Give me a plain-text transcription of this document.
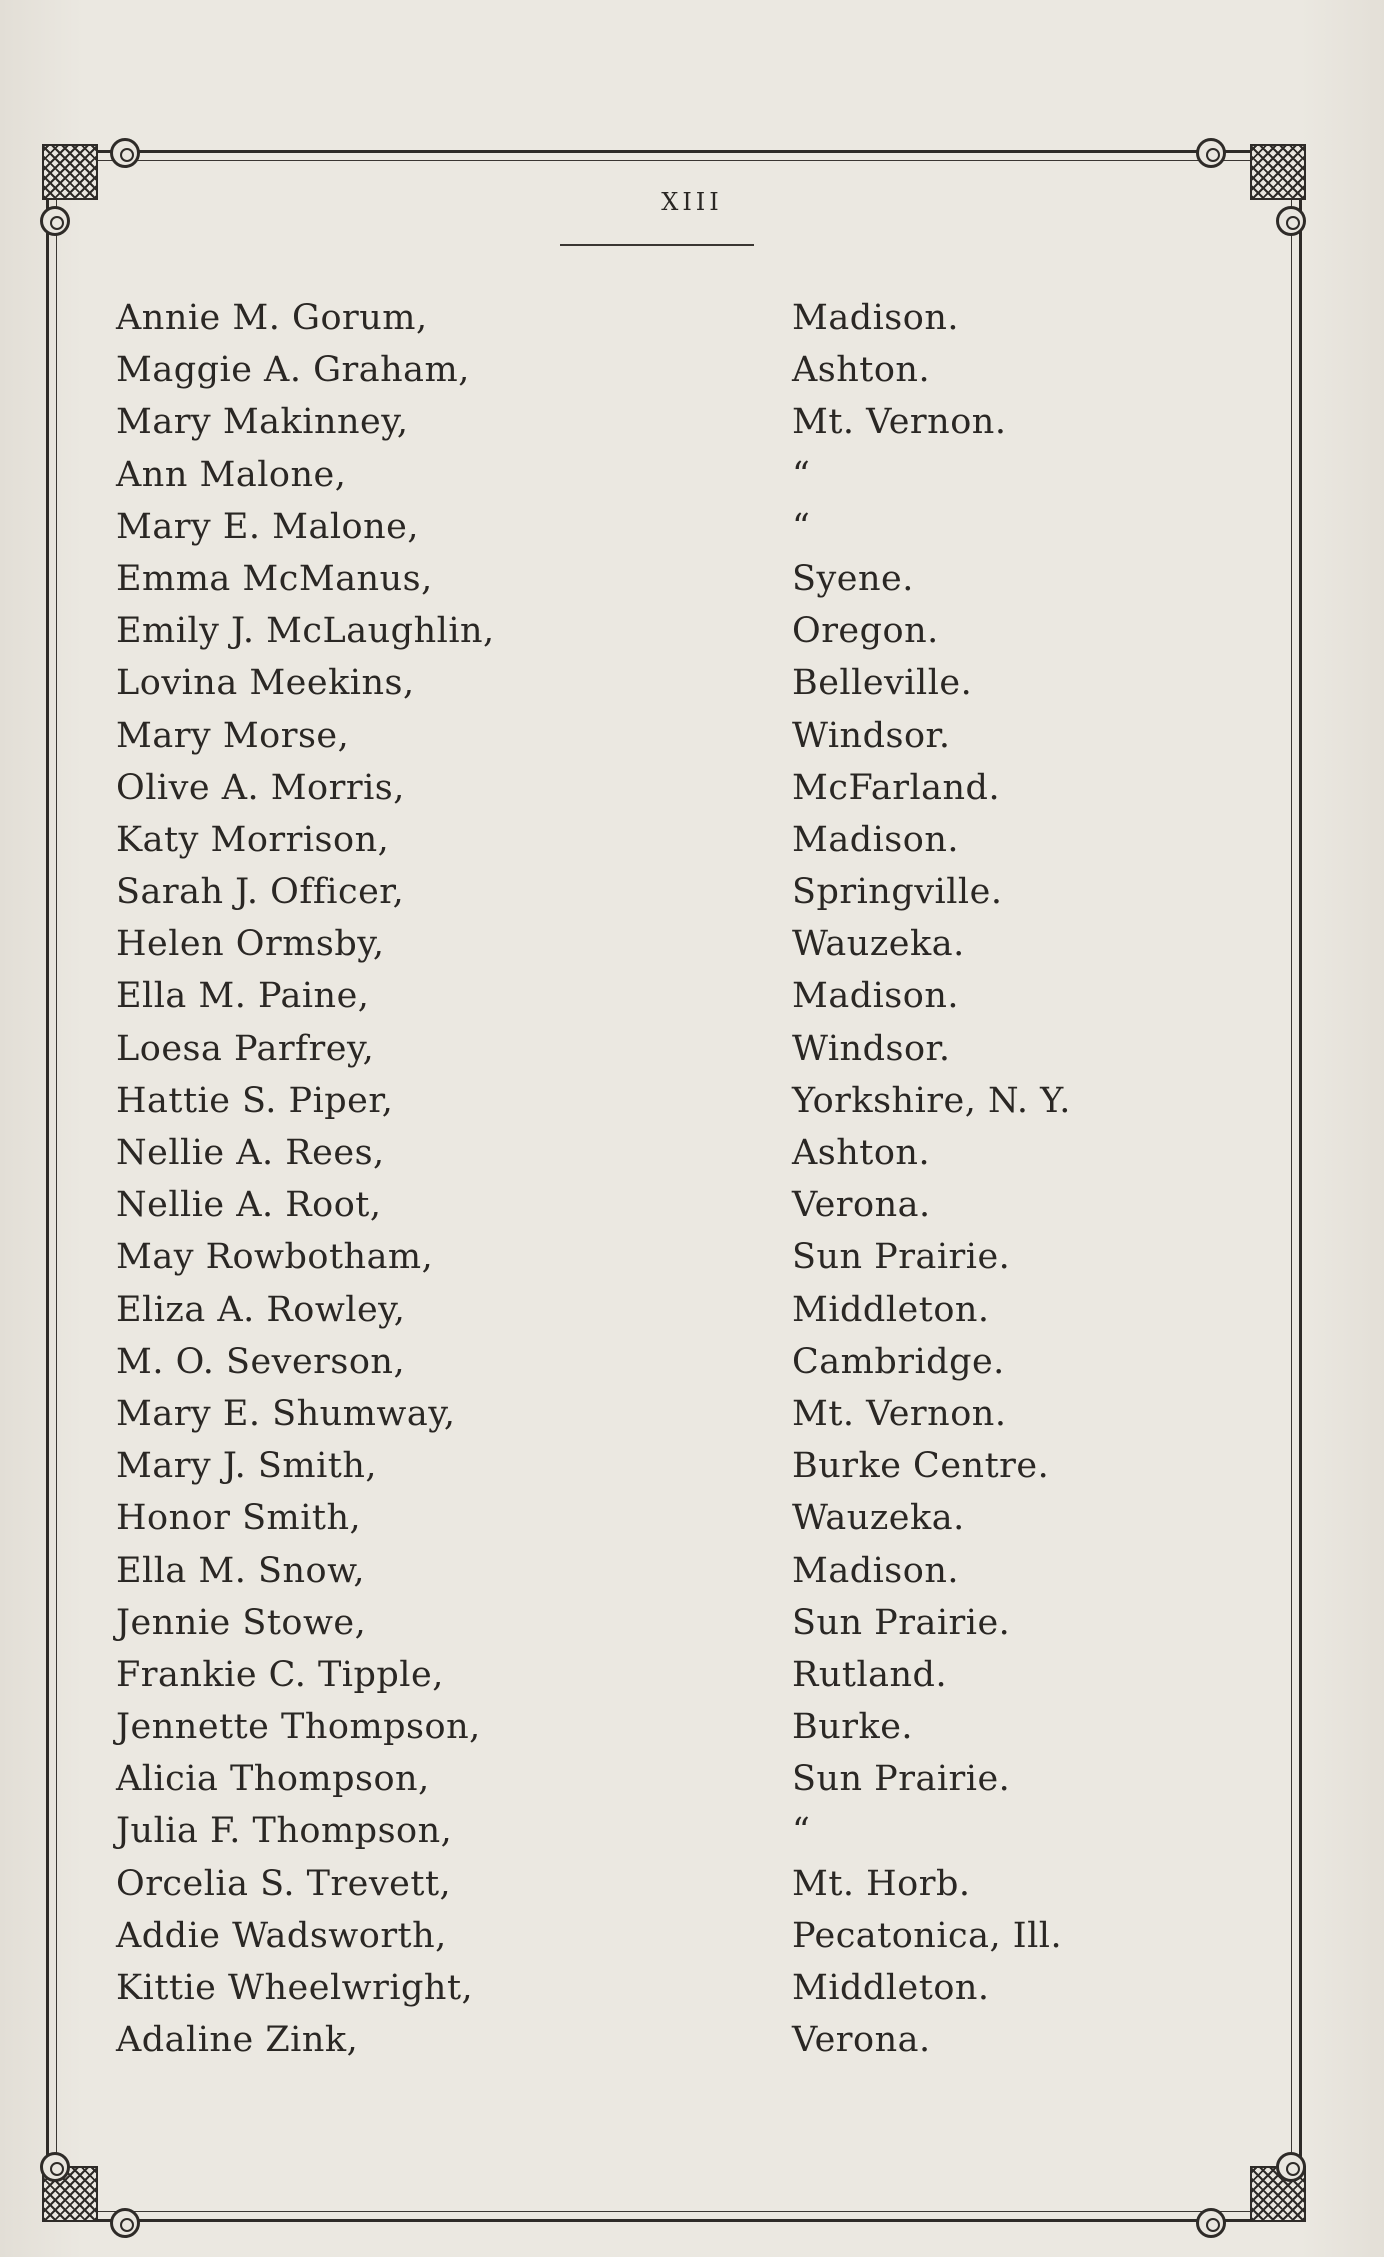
XIII
Annie M. Gorum,	Madison.
Maggie A. Graham,	Ashton.
Mary Makinney,	Mt. Vernon.
Ann Malone,	“
Mary E. Malone,	“
Emma McManus,	Syene.
Emily J. McLaughlin,	Oregon.
Lovina Meekins,	Belleville.
Mary Morse,	Windsor.
Olive A. Morris,	McFarland.
Katy Morrison,	Madison.
Sarah J. Officer,	Springville.
Helen Ormsby,	Wauzeka.
Ella M. Paine,	Madison.
Loesa Parfrey,	Windsor.
Hattie S. Piper,	Yorkshire, N. Y.
Nellie A. Rees,	Ashton.
Nellie A. Root,	Verona.
May Rowbotham,	Sun Prairie.
Eliza A. Rowley,	Middleton.
M. O. Severson,	Cambridge.
Mary E. Shumway,	Mt. Vernon.
Mary J. Smith,	Burke Centre.
Honor Smith,	Wauzeka.
Ella M. Snow,	Madison.
Jennie Stowe,	Sun Prairie.
Frankie C. Tipple,	Rutland.
Jennette Thompson,	Burke.
Alicia Thompson,	Sun Prairie.
Julia F. Thompson,	“
Orcelia S. Trevett,	Mt. Horb.
Addie Wadsworth,	Pecatonica, Ill.
Kittie Wheelwright,	Middleton.
Adaline Zink,	Verona.
